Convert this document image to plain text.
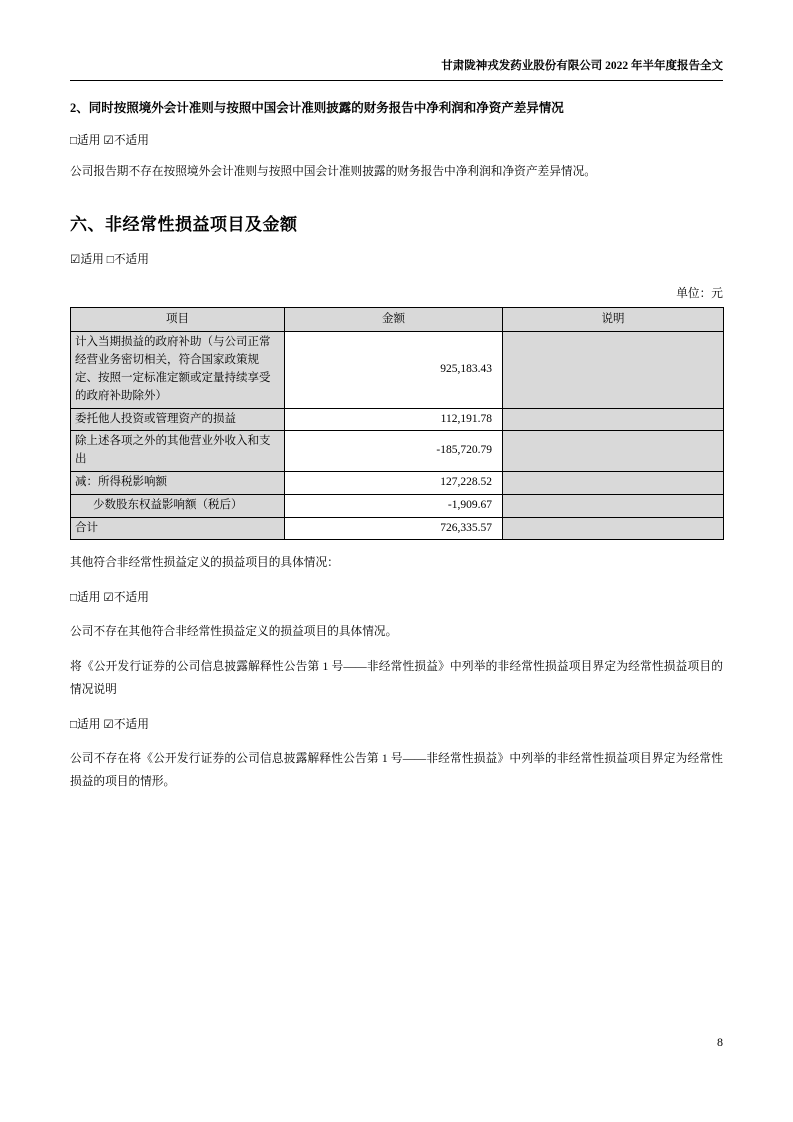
甘肃陇神戎发药业股份有限公司 2022 年半年度报告全文
2、同时按照境外会计准则与按照中国会计准则披露的财务报告中净利润和净资产差异情况
□适用 ☑不适用
公司报告期不存在按照境外会计准则与按照中国会计准则披露的财务报告中净利润和净资产差异情况。
六、非经常性损益项目及金额
☑适用 □不适用
单位：元
项目	金额	说明
计入当期损益的政府补助（与公司正常经营业务密切相关，符合国家政策规定、按照一定标准定额或定量持续享受的政府补助除外）	925,183.43	
委托他人投资或管理资产的损益	112,191.78	
除上述各项之外的其他营业外收入和支出	-185,720.79	
减：所得税影响额	127,228.52	
少数股东权益影响额（税后）	-1,909.67	
合计	726,335.57	
其他符合非经常性损益定义的损益项目的具体情况：
□适用 ☑不适用
公司不存在其他符合非经常性损益定义的损益项目的具体情况。
将《公开发行证券的公司信息披露解释性公告第 1 号——非经常性损益》中列举的非经常性损益项目界定为经常性损益项目的情况说明
□适用 ☑不适用
公司不存在将《公开发行证券的公司信息披露解释性公告第 1 号——非经常性损益》中列举的非经常性损益项目界定为经常性损益的项目的情形。
8
